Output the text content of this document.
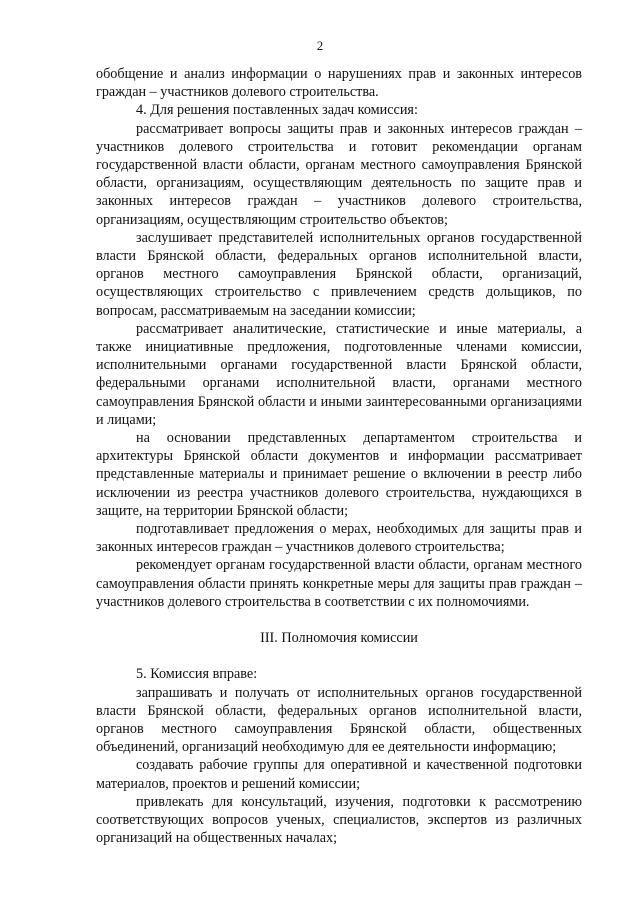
2

обобщение и анализ информации о нарушениях прав и законных интересов граждан – участников долевого строительства.

4. Для решения поставленных задач комиссия:

рассматривает вопросы защиты прав и законных интересов граждан – участников долевого строительства и готовит рекомендации органам государственной власти области, органам местного самоуправления Брянской области, организациям, осуществляющим деятельность по защите прав и законных интересов граждан – участников долевого строительства, организациям, осуществляющим строительство объектов;

заслушивает представителей исполнительных органов государственной власти Брянской области, федеральных органов исполнительной власти, органов местного самоуправления Брянской области, организаций, осуществляющих строительство с привлечением средств дольщиков, по вопросам, рассматриваемым на заседании комиссии;

рассматривает аналитические, статистические и иные материалы, а также инициативные предложения, подготовленные членами комиссии, исполнительными органами государственной власти Брянской области, федеральными органами исполнительной власти, органами местного самоуправления Брянской области и иными заинтересованными организациями и лицами;

на основании представленных департаментом строительства и архитектуры Брянской области документов и информации рассматривает представленные материалы и принимает решение о включении в реестр либо исключении из реестра участников долевого строительства, нуждающихся в защите, на территории Брянской области;

подготавливает предложения о мерах, необходимых для защиты прав и законных интересов граждан – участников долевого строительства;

рекомендует органам государственной власти области, органам местного самоуправления области принять конкретные меры для защиты прав граждан – участников долевого строительства в соответствии с их полномочиями.

III. Полномочия комиссии

5. Комиссия вправе:

запрашивать и получать от исполнительных органов государственной власти Брянской области, федеральных органов исполнительной власти, органов местного самоуправления Брянской области, общественных объединений, организаций необходимую для ее деятельности информацию;

создавать рабочие группы для оперативной и качественной подготовки материалов, проектов и решений комиссии;

привлекать для консультаций, изучения, подготовки к рассмотрению соответствующих вопросов ученых, специалистов, экспертов из различных организаций на общественных началах;
